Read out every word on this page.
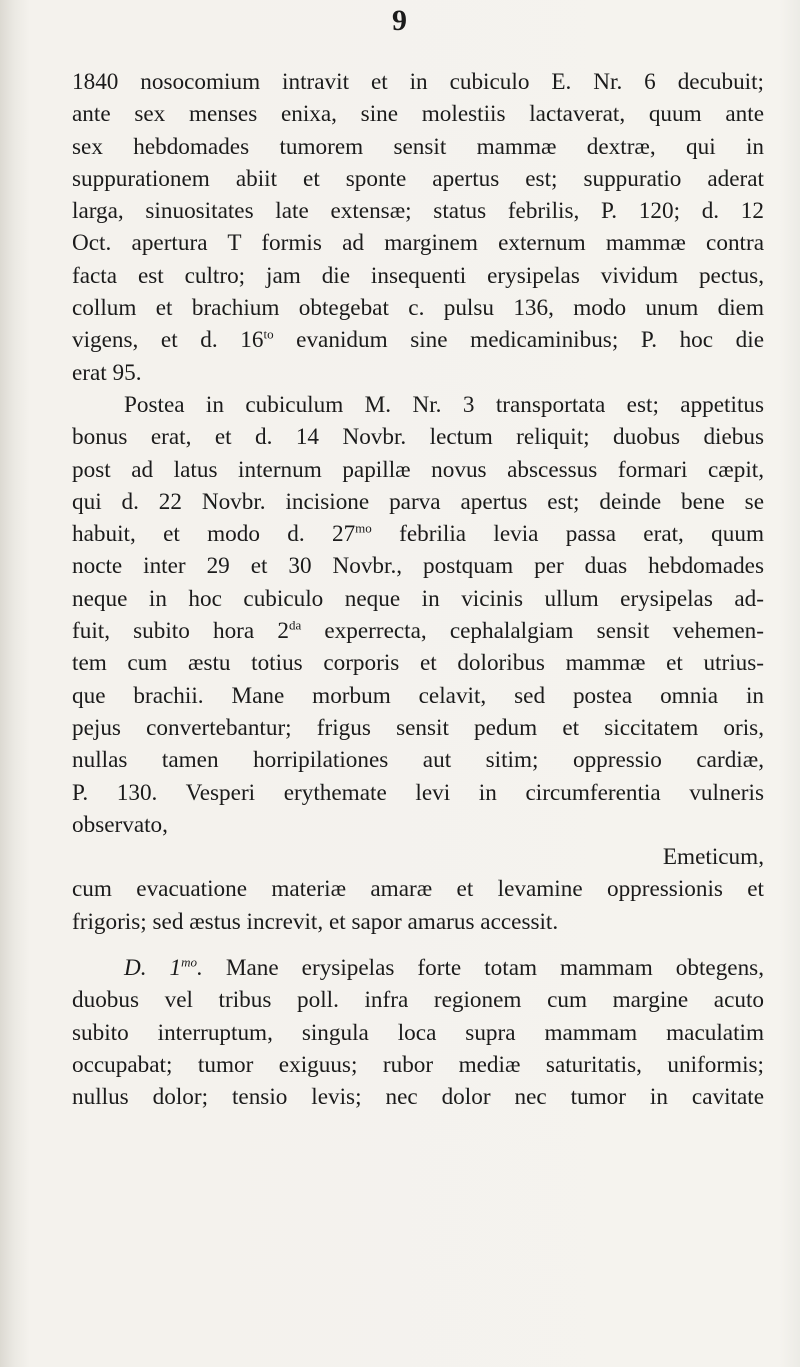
9
1840 nosocomium intravit et in cubiculo E. Nr. 6 decubuit;
ante sex menses enixa, sine molestiis lactaverat, quum ante
sex hebdomades tumorem sensit mammæ dextræ, qui in
suppurationem abiit et sponte apertus est; suppuratio aderat
larga, sinuositates late extensæ; status febrilis, P. 120; d. 12
Oct. apertura T formis ad marginem externum mammæ contra
facta est cultro; jam die insequenti erysipelas vividum pectus,
collum et brachium obtegebat c. pulsu 136, modo unum diem
vigens, et d. $16^{to}$ evanidum sine medicaminibus; P. hoc die
erat 95.
Postea in cubiculum M. Nr. 3 transportata est; appetitus
bonus erat, et d. 14 Novbr. lectum reliquit; duobus diebus
post ad latus internum papillæ novus abscessus formari cæpit,
qui d. 22 Novbr. incisione parva apertus est; deinde bene se
habuit, et modo d. $27^{mo}$ febrilia levia passa erat, quum
nocte inter 29 et 30 Novbr., postquam per duas hebdomades
neque in hoc cubiculo neque in vicinis ullum erysipelas ad-
fuit, subito hora $2^{da}$ experrecta, cephalalgiam sensit vehemen-
tem cum æstu totius corporis et doloribus mammæ et utrius-
que brachii. Mane morbum celavit, sed postea omnia in
pejus convertebantur; frigus sensit pedum et siccitatem oris,
nullas tamen horripilationes aut sitim; oppressio cardiæ,
P. 130. Vesperi erythemate levi in circumferentia vulneris
observato,
Emeticum,
cum evacuatione materiæ amaræ et levamine oppressionis et
frigoris; sed æstus increvit, et sapor amarus accessit.
D. $1^{mo}$. Mane erysipelas forte totam mammam obtegens,
duobus vel tribus poll. infra regionem cum margine acuto
subito interruptum, singula loca supra mammam maculatim
occupabat; tumor exiguus; rubor mediæ saturitatis, uniformis;
nullus dolor; tensio levis; nec dolor nec tumor in cavitate
